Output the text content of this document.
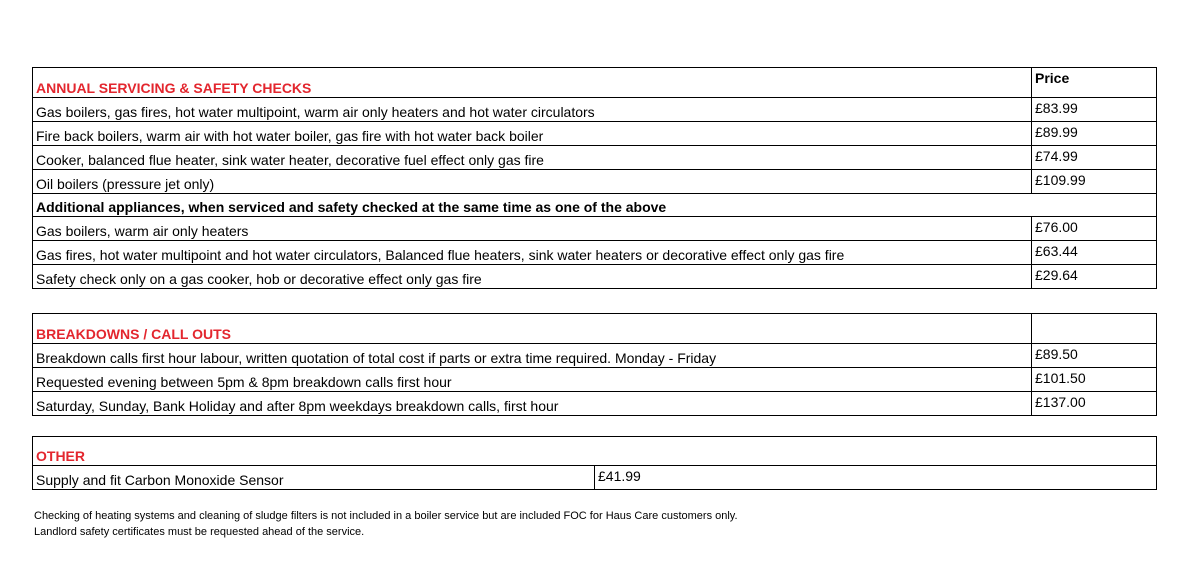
ANNUAL SERVICING & SAFETY CHECKS	Price
Gas boilers, gas fires, hot water multipoint, warm air only heaters and hot water circulators	£83.99
Fire back boilers, warm air with hot water boiler, gas fire with hot water back boiler	£89.99
Cooker, balanced flue heater, sink water heater, decorative fuel effect only gas fire	£74.99
Oil boilers (pressure jet only)	£109.99
Additional appliances, when serviced and safety checked at the same time as one of the above	
Gas boilers, warm air only heaters	£76.00
Gas fires, hot water multipoint and hot water circulators, Balanced flue heaters, sink water heaters or decorative effect only gas fire	£63.44
Safety check only on a gas cooker, hob or decorative effect only gas fire	£29.64
BREAKDOWNS / CALL OUTS	
Breakdown calls first hour labour, written quotation of total cost if parts or extra time required. Monday - Friday	£89.50
Requested evening between 5pm & 8pm breakdown calls first hour	£101.50
Saturday, Sunday, Bank Holiday and after 8pm weekdays breakdown calls, first hour	£137.00
OTHER
Supply and fit Carbon Monoxide Sensor	£41.99

Checking of heating systems and cleaning of sludge filters is not included in a boiler service but are included FOC for Haus Care customers only.

Landlord safety certificates must be requested ahead of the service.
